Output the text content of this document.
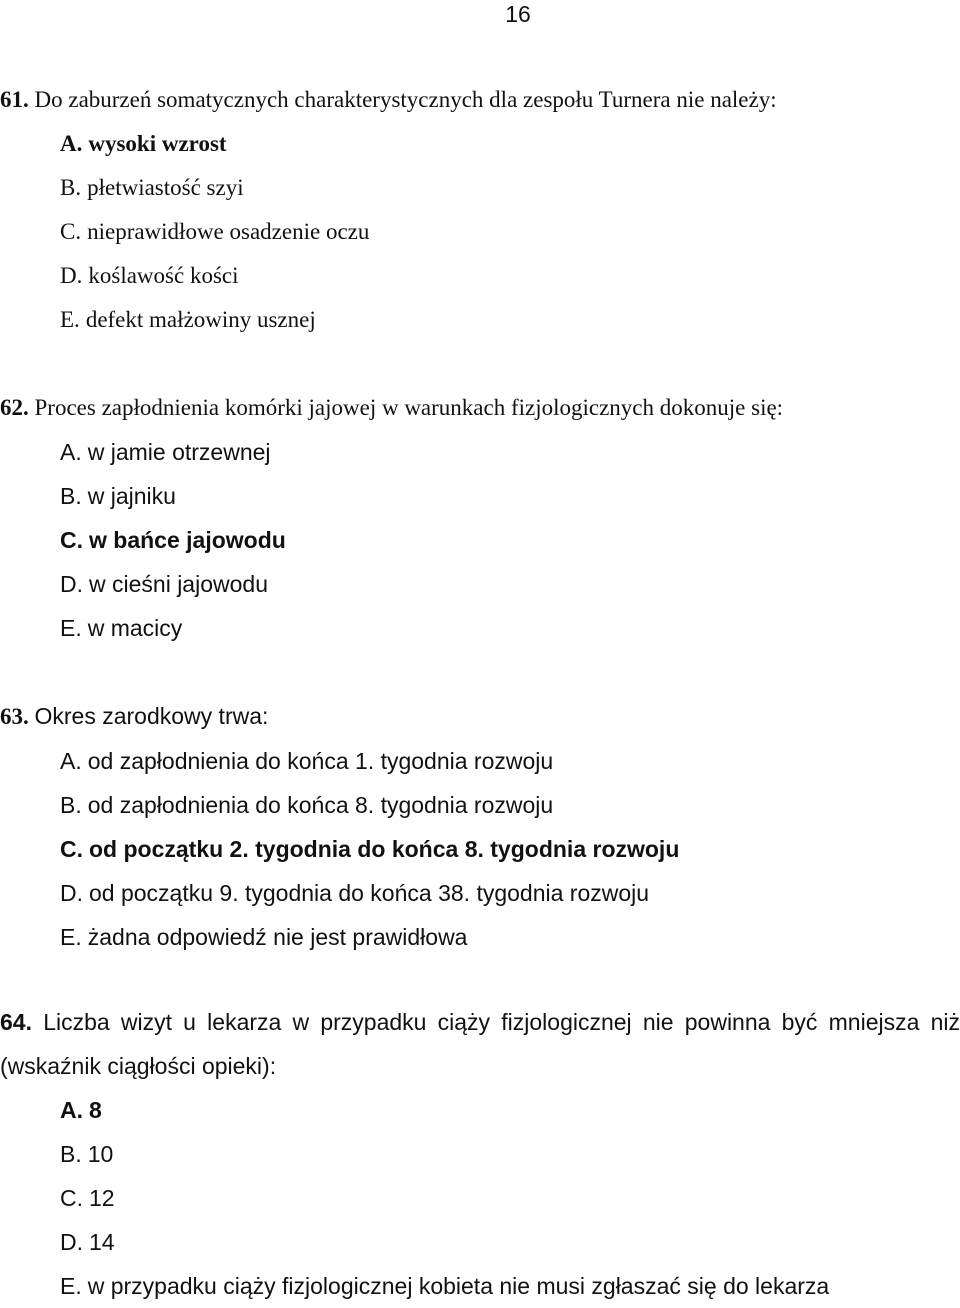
16

61. Do zaburzeń somatycznych charakterystycznych dla zespołu Turnera nie należy:

A. wysoki wzrost
B. płetwiastość szyi
C. nieprawidłowe osadzenie oczu
D. koślawość kości
E. defekt małżowiny usznej

62. Proces zapłodnienia komórki jajowej w warunkach fizjologicznych dokonuje się:

A. w jamie otrzewnej
B. w jajniku
C. w bańce jajowodu
D. w cieśni jajowodu
E. w macicy

63. Okres zarodkowy trwa:

A. od zapłodnienia do końca 1. tygodnia rozwoju
B. od zapłodnienia do końca 8. tygodnia rozwoju
C. od początku 2. tygodnia do końca 8. tygodnia rozwoju
D. od początku 9. tygodnia do końca 38. tygodnia rozwoju
E. żadna odpowiedź nie jest prawidłowa

64. Liczba wizyt u lekarza w przypadku ciąży fizjologicznej nie powinna być mniejsza niż (wskaźnik ciągłości opieki):

A. 8
B. 10
C. 12
D. 14
E. w przypadku ciąży fizjologicznej kobieta nie musi zgłaszać się do lekarza
